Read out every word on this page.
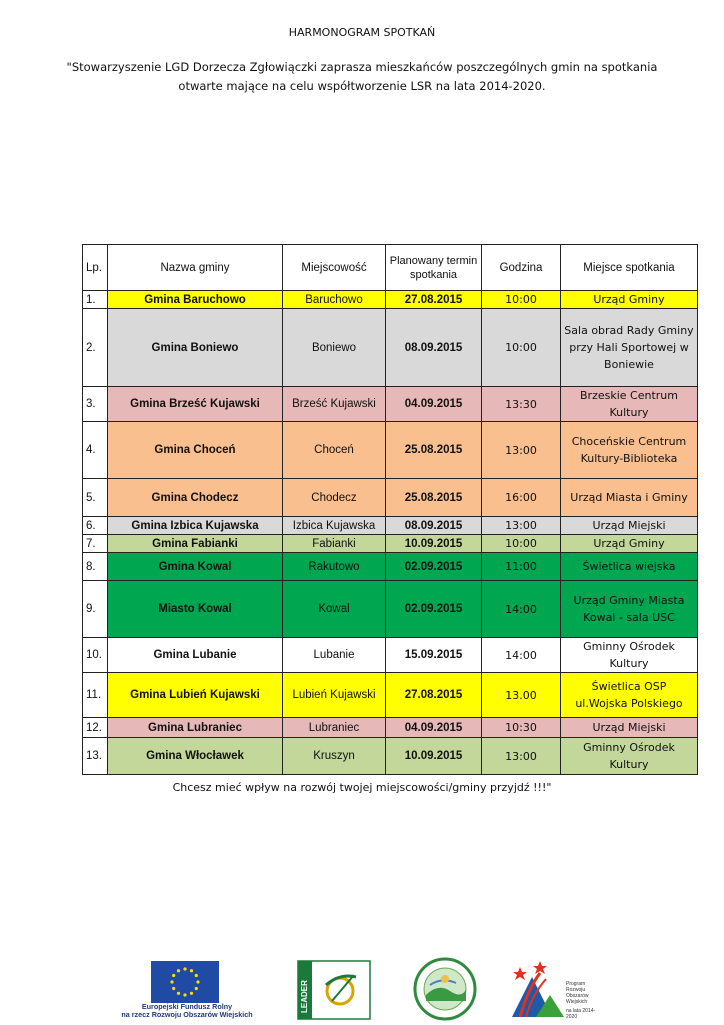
HARMONOGRAM SPOTKAŃ
"Stowarzyszenie LGD Dorzecza Zgłowiączki zaprasza mieszkańców poszczególnych gmin na spotkania
otwarte mające na celu współtworzenie LSR na lata 2014-2020.
Lp.	Nazwa gminy	Miejscowość	Planowany termin spotkania	Godzina	Miejsce spotkania
1.	Gmina Baruchowo	Baruchowo	27.08.2015	10:00	Urząd Gminy
2.	Gmina Boniewo	Boniewo	08.09.2015	10:00	Sala obrad Rady Gminy przy Hali Sportowej w Boniewie
3.	Gmina Brześć Kujawski	Brześć Kujawski	04.09.2015	13:30	Brzeskie Centrum Kultury
4.	Gmina Choceń	Choceń	25.08.2015	13:00	Choceńskie Centrum Kultury-Biblioteka
5.	Gmina Chodecz	Chodecz	25.08.2015	16:00	Urząd Miasta i Gminy
6.	Gmina Izbica Kujawska	Izbica Kujawska	08.09.2015	13:00	Urząd Miejski
7.	Gmina Fabianki	Fabianki	10.09.2015	10:00	Urząd Gminy
8.	Gmina Kowal	Rakutowo	02.09.2015	11:00	Świetlica wiejska
9.	Miasto Kowal	Kowal	02.09.2015	14:00	Urząd Gminy Miasta Kowal - sala USC
10.	Gmina Lubanie	Lubanie	15.09.2015	14:00	Gminny Ośrodek Kultury
11.	Gmina Lubień Kujawski	Lubień Kujawski	27.08.2015	13.00	Świetlica OSP ul.Wojska Polskiego
12.	Gmina Lubraniec	Lubraniec	04.09.2015	10:30	Urząd Miejski
13.	Gmina Włocławek	Kruszyn	10.09.2015	13:00	Gminny Ośrodek Kultury
Chcesz mieć wpływ na rozwój twojej miejscowości/gminy przyjdź !!!"
Europejski Fundusz Rolny
na rzecz Rozwoju Obszarów Wiejskich
LEADER	Program
Rozwoju
Obszarów
Wiejskich
na lata 2014-2020
